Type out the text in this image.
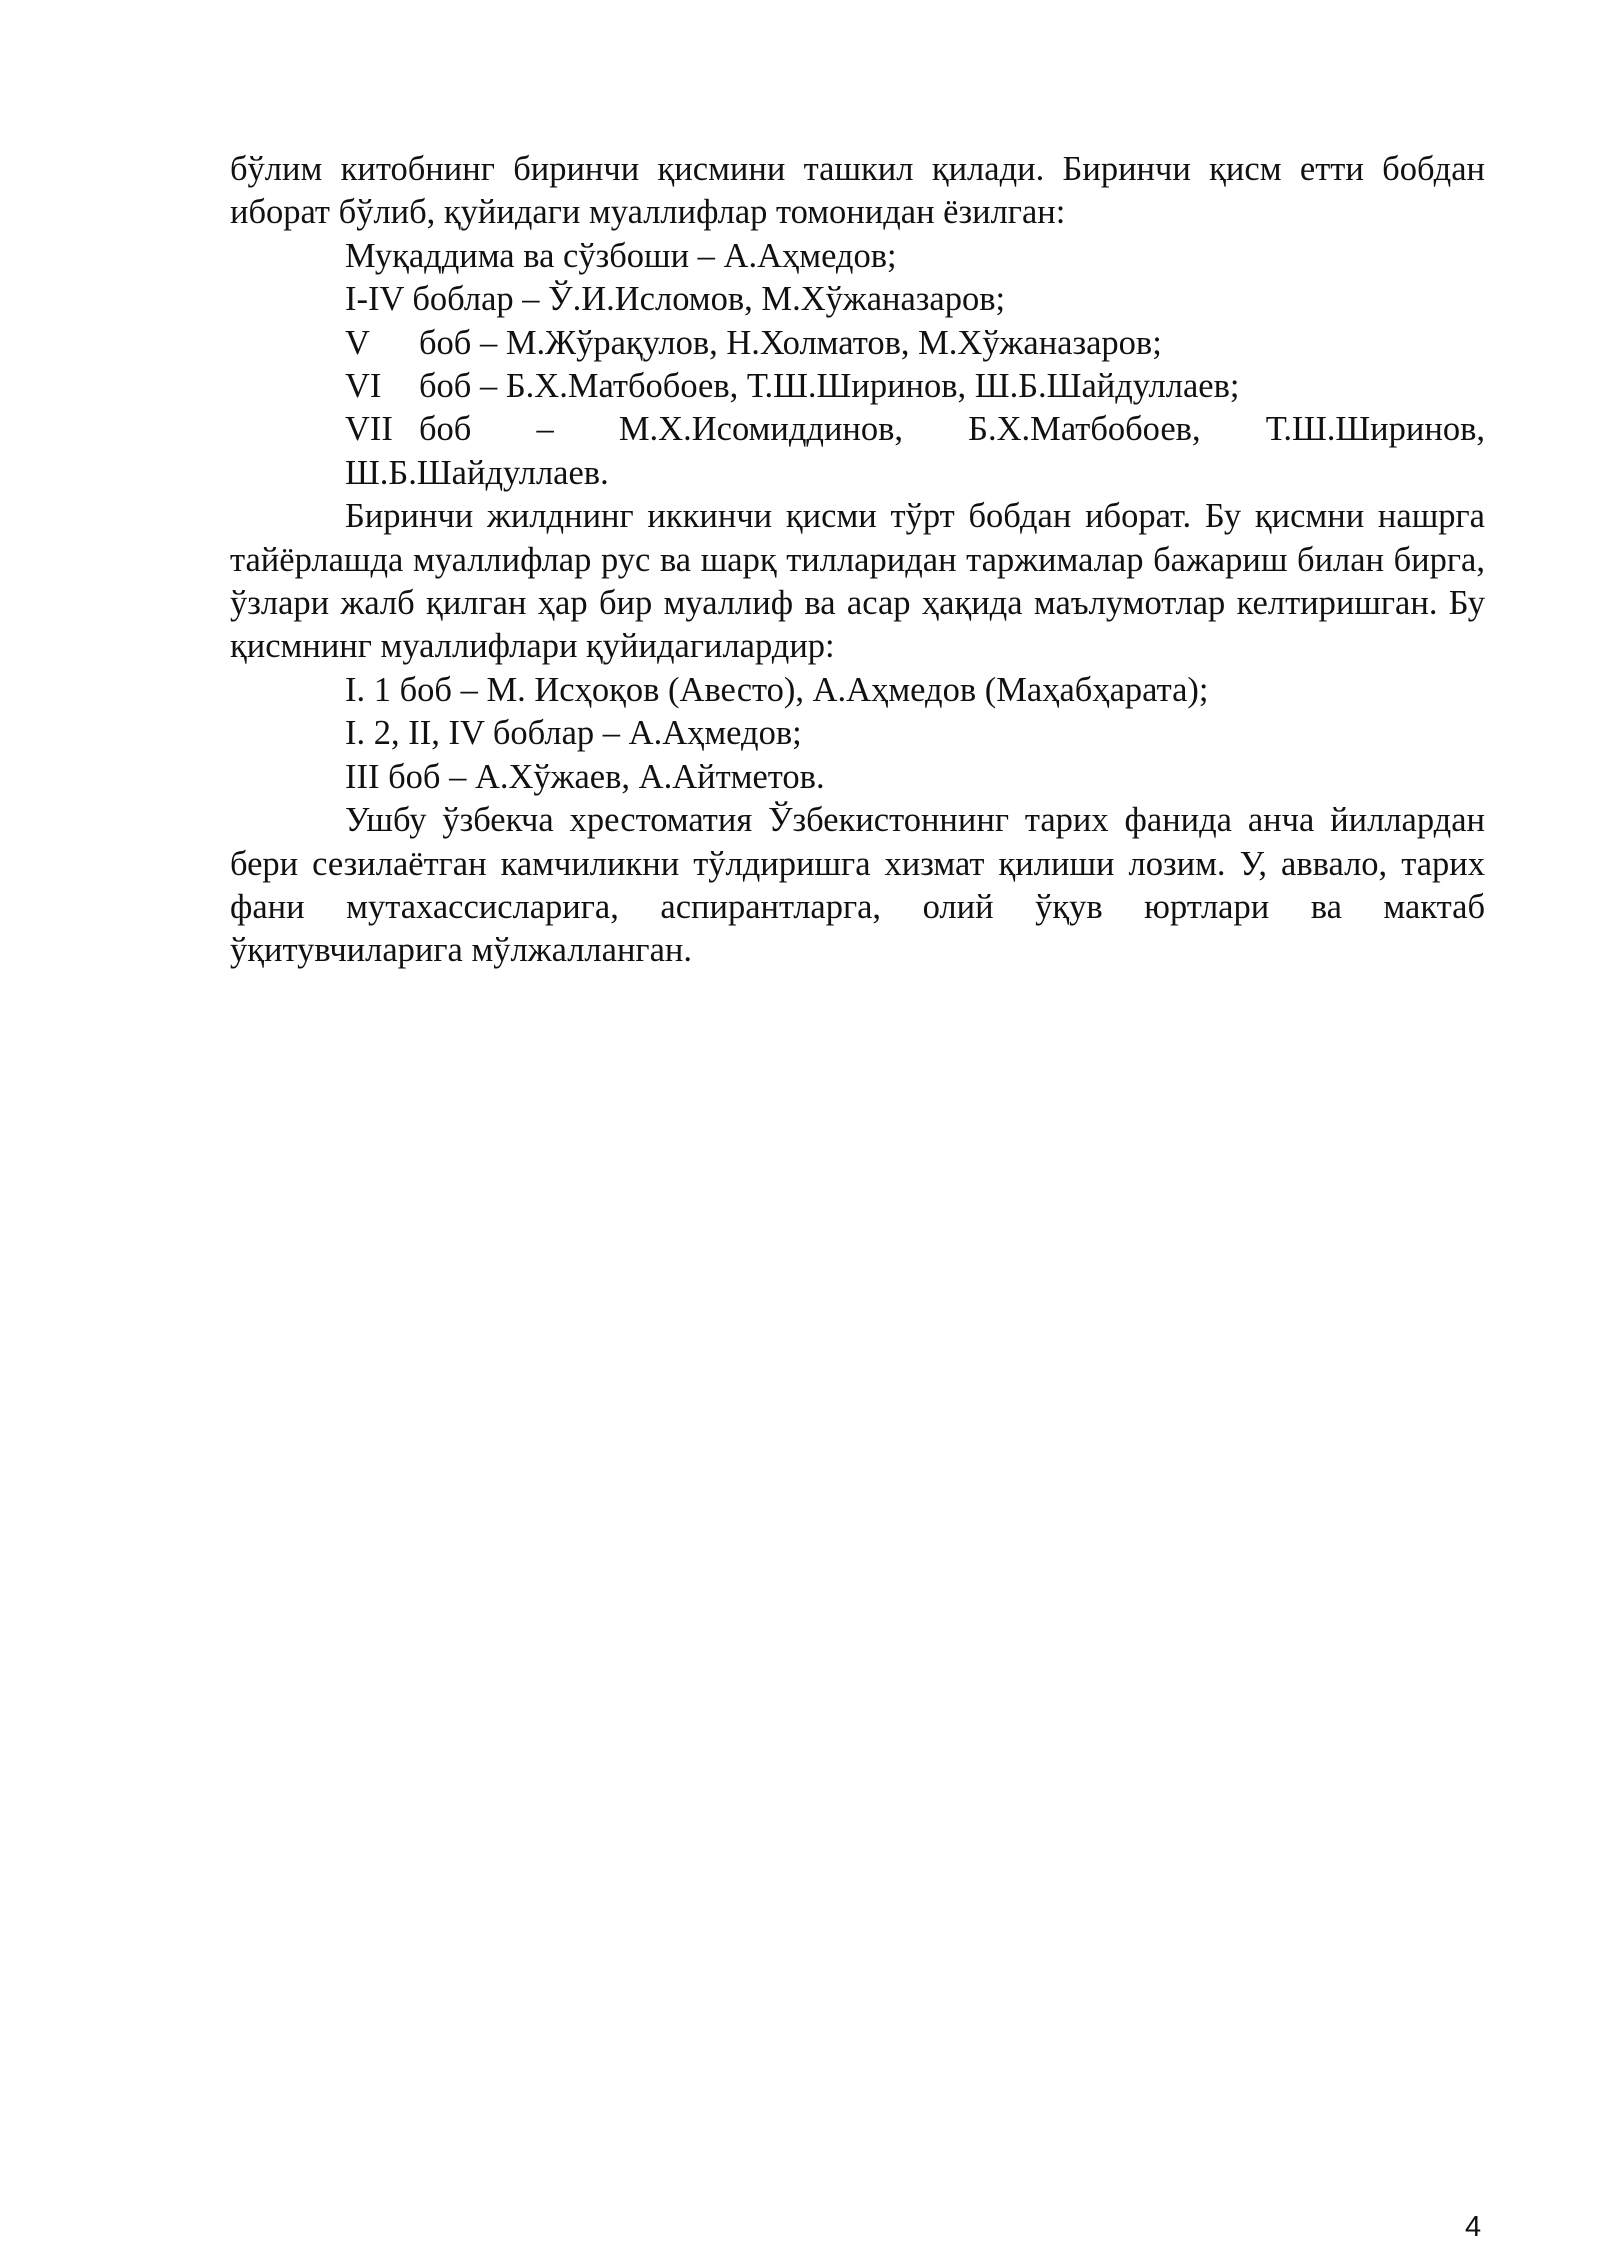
бўлим китобнинг биринчи қисмини ташкил қилади. Биринчи қисм етти бобдан иборат бўлиб, қуйидаги муаллифлар томонидан ёзилган:

Муқаддима ва сўзбоши – А.Аҳмедов;

I-IV боблар – Ў.И.Исломов, М.Хўжаназаров;

V	боб – М.Жўрақулов, Н.Холматов, М.Хўжаназаров;
VI	боб – Б.Х.Матбобоев, Т.Ш.Ширинов, Ш.Б.Шайдуллаев;
VII боб – М.Х.Исомиддинов, Б.Х.Матбобоев, Т.Ш.Ширинов,
Ш.Б.Шайдуллаев.

Биринчи жилднинг иккинчи қисми тўрт бобдан иборат. Бу қисмни нашрга тайёрлашда муаллифлар рус ва шарқ тилларидан таржималар бажариш билан бирга, ўзлари жалб қилган ҳар бир муаллиф ва асар ҳақида маълумотлар келтиришган. Бу қисмнинг муаллифлари қуйидагилардир:

I. 1 боб – М. Исҳоқов (Авесто), А.Аҳмедов (Маҳабҳарата);

I. 2, II, IV боблар – А.Аҳмедов;

III боб – А.Хўжаев, А.Айтметов.

Ушбу ўзбекча хрестоматия Ўзбекистоннинг тарих фанида анча йиллардан бери сезилаётган камчиликни тўлдиришга хизмат қилиши лозим. У, аввало, тарих фани мутахассисларига, аспирантларга, олий ўқув юртлари ва мактаб ўқитувчиларига мўлжалланган.

4
